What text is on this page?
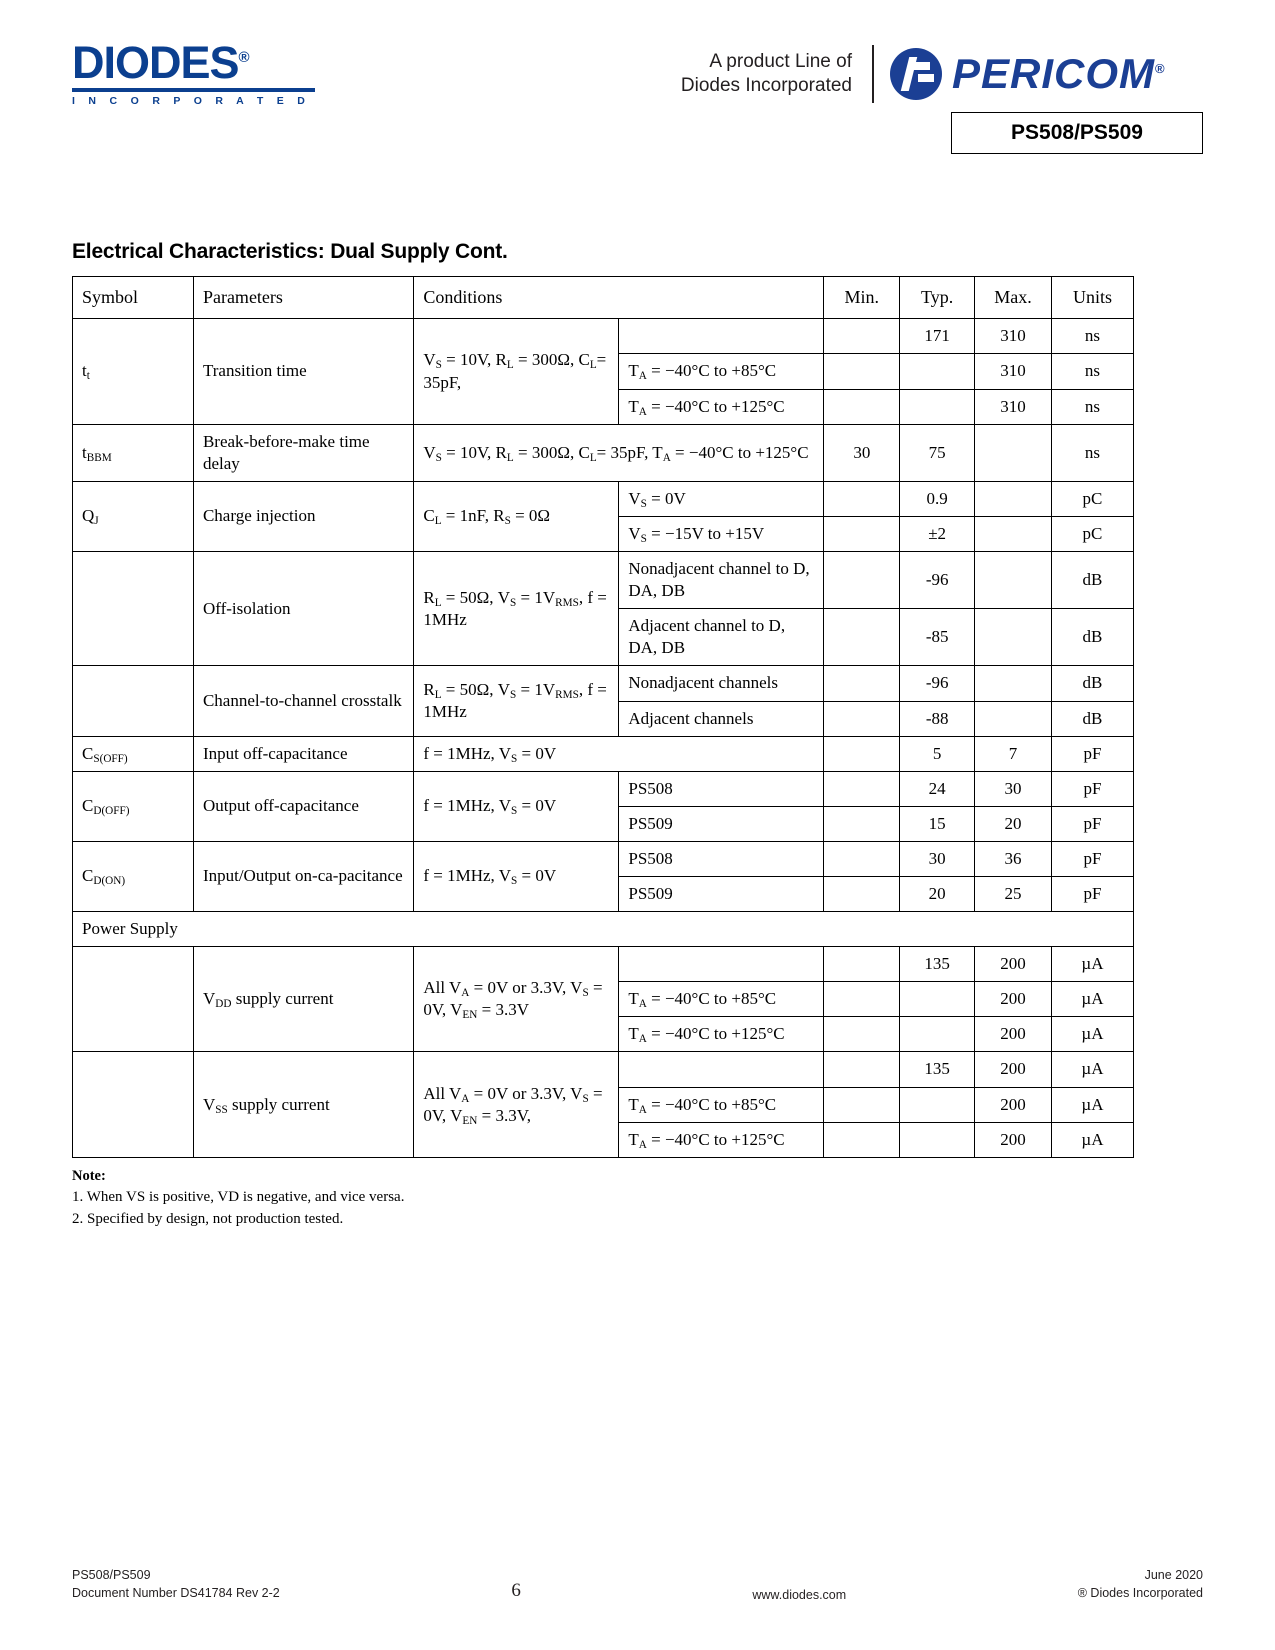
DIODES®
I N C O R P O R A T E D
A product Line of
Diodes Incorporated PERICOM®
PS508/PS509
Electrical Characteristics: Dual Supply Cont.
Symbol	Parameters	Conditions		Min.	Typ.	Max.	Units
$t_t$	Transition time	$V_S = 10V$, $R_L = 300\Omega$, $C_L= 35pF$,			171	310	ns
			$T_A = -40^\circ C$ to +85°C			310	ns
			$T_A = -40^\circ C$ to +125°C			310	ns
$t_{BBM}$	Break-before-make time delay	$V_S = 10V$, $R_L = 300\Omega$, $C_L= 35pF$, $T_A = -40^\circ C$ to +125°C		30	75		ns
$Q_J$	Charge injection	$C_L = 1nF$, $R_S = 0\Omega$	$V_S = 0V$		0.9		pC
			$V_S = -15V$ to +15V		±2		pC
	Off-isolation	$R_L = 50\Omega$, $V_S = 1V_{RMS}$, f = 1MHz	Nonadjacent channel to D, DA, DB		-96		dB
			Adjacent channel to D, DA, DB		-85		dB
	Channel-to-channel crosstalk	$R_L = 50\Omega$, $V_S = 1V_{RMS}$, f = 1MHz	Nonadjacent channels		-96		dB
			Adjacent channels		-88		dB
$C_{S(OFF)}$	Input off-capacitance	f = 1MHz, $V_S = 0V$			5	7	pF
$C_{D(OFF)}$	Output off-capacitance	f = 1MHz, $V_S = 0V$	PS508		24	30	pF
			PS509		15	20	pF
$C_{D(ON)}$	Input/Output on-ca-pacitance	f = 1MHz, $V_S = 0V$	PS508		30	36	pF
			PS509		20	25	pF
Power Supply							
	$V_{DD}$ supply current	All $V_A = 0V$ or 3.3V, $V_S = 0V$, $V_{EN} = 3.3V$			135	200	µA
			$T_A = -40^\circ C$ to +85°C			200	µA
			$T_A = -40^\circ C$ to +125°C			200	µA
	$V_{SS}$ supply current	All $V_A = 0V$ or 3.3V, $V_S = 0V$, $V_{EN} = 3.3V$,			135	200	µA
			$T_A = -40^\circ C$ to +85°C			200	µA
			$T_A = -40^\circ C$ to +125°C			200	µA
Note:
1. When VS is positive, VD is negative, and vice versa.
2. Specified by design, not production tested.
PS508/PS509
Document Number DS41784 Rev 2-2	6	www.diodes.com
June 2020
® Diodes Incorporated
